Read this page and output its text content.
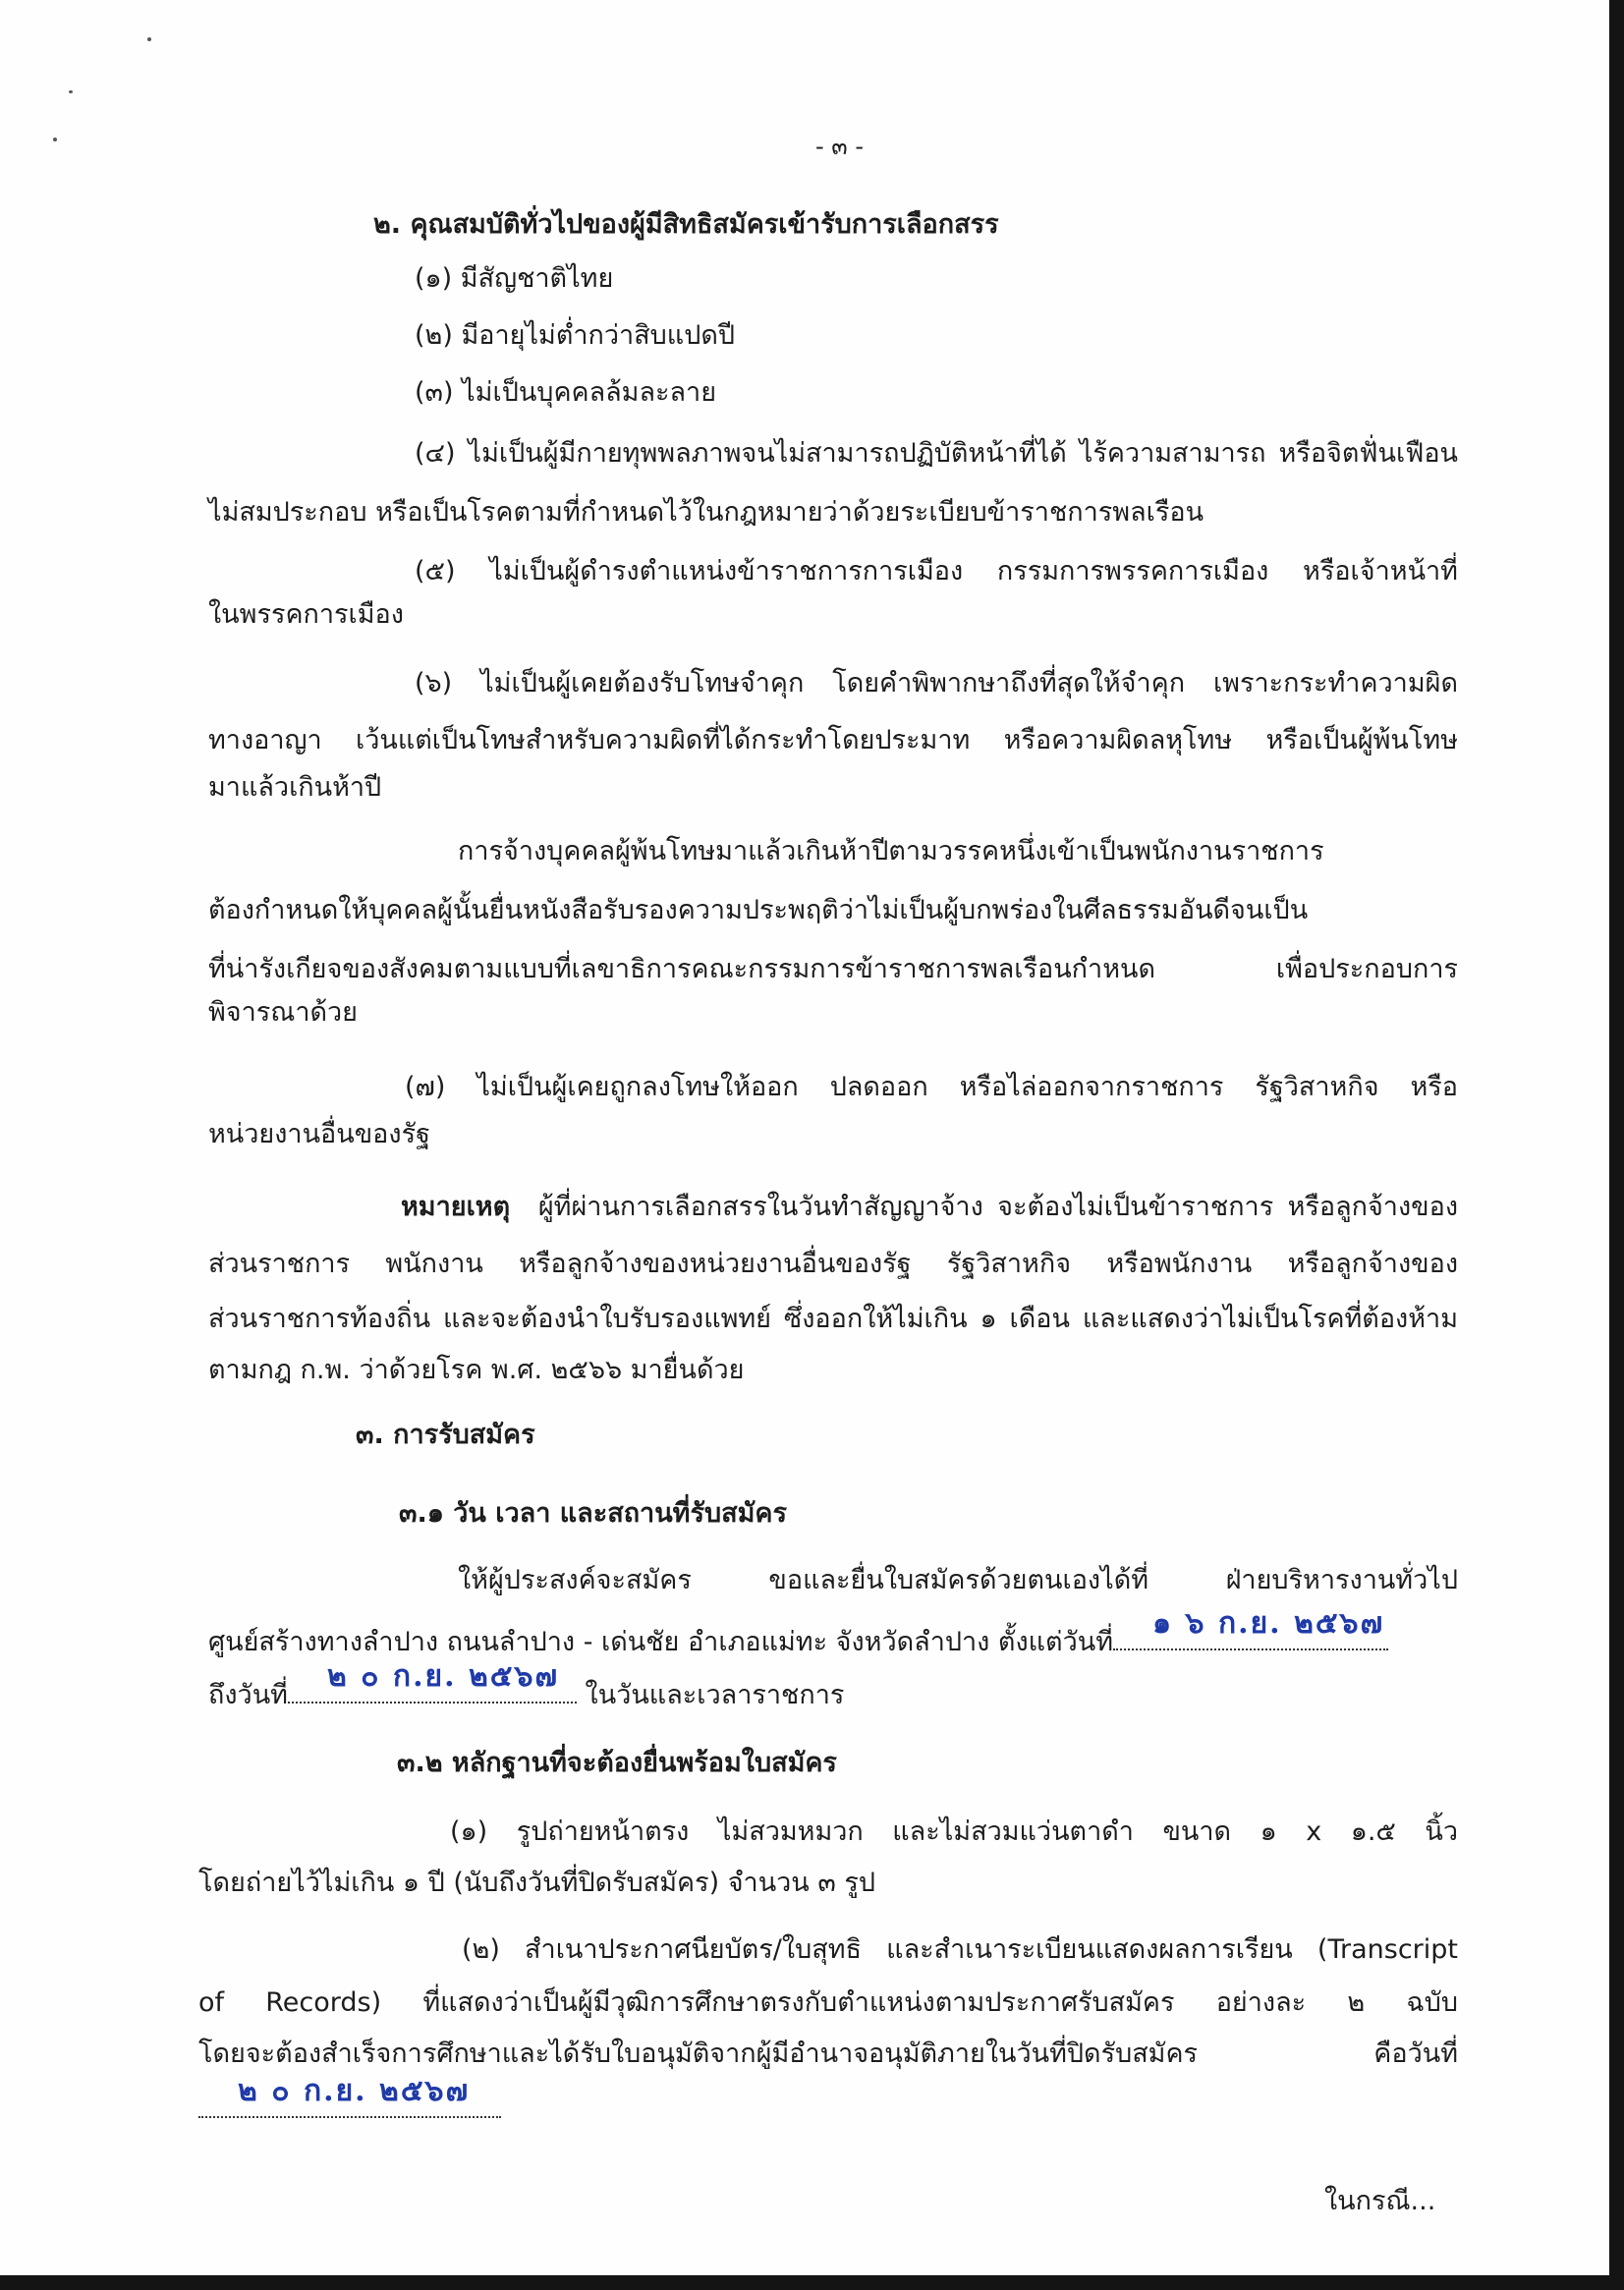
- ๓ -
๒. คุณสมบัติทั่วไปของผู้มีสิทธิสมัครเข้ารับการเลือกสรร
(๑) มีสัญชาติไทย
(๒) มีอายุไม่ต่ำกว่าสิบแปดปี
(๓) ไม่เป็นบุคคลล้มละลาย
(๔) ไม่เป็นผู้มีกายทุพพลภาพจนไม่สามารถปฏิบัติหน้าที่ได้ ไร้ความสามารถ หรือจิตฟั่นเฟือน
ไม่สมประกอบ หรือเป็นโรคตามที่กำหนดไว้ในกฎหมายว่าด้วยระเบียบข้าราชการพลเรือน
(๕) ไม่เป็นผู้ดำรงตำแหน่งข้าราชการการเมือง กรรมการพรรคการเมือง หรือเจ้าหน้าที่
ในพรรคการเมือง
(๖) ไม่เป็นผู้เคยต้องรับโทษจำคุก โดยคำพิพากษาถึงที่สุดให้จำคุก เพราะกระทำความผิด
ทางอาญา เว้นแต่เป็นโทษสำหรับความผิดที่ได้กระทำโดยประมาท หรือความผิดลหุโทษ หรือเป็นผู้พ้นโทษ
มาแล้วเกินห้าปี
การจ้างบุคคลผู้พ้นโทษมาแล้วเกินห้าปีตามวรรคหนึ่งเข้าเป็นพนักงานราชการ
ต้องกำหนดให้บุคคลผู้นั้นยื่นหนังสือรับรองความประพฤติว่าไม่เป็นผู้บกพร่องในศีลธรรมอันดีจนเป็น
ที่น่ารังเกียจของสังคมตามแบบที่เลขาธิการคณะกรรมการข้าราชการพลเรือนกำหนด เพื่อประกอบการ
พิจารณาด้วย
(๗) ไม่เป็นผู้เคยถูกลงโทษให้ออก ปลดออก หรือไล่ออกจากราชการ รัฐวิสาหกิจ หรือ
หน่วยงานอื่นของรัฐ
หมายเหตุ ผู้ที่ผ่านการเลือกสรรในวันทำสัญญาจ้าง จะต้องไม่เป็นข้าราชการ หรือลูกจ้างของ
ส่วนราชการ พนักงาน หรือลูกจ้างของหน่วยงานอื่นของรัฐ รัฐวิสาหกิจ หรือพนักงาน หรือลูกจ้างของ
ส่วนราชการท้องถิ่น และจะต้องนำใบรับรองแพทย์ ซึ่งออกให้ไม่เกิน ๑ เดือน และแสดงว่าไม่เป็นโรคที่ต้องห้าม
ตามกฎ ก.พ. ว่าด้วยโรค พ.ศ. ๒๕๖๖ มายื่นด้วย
๓. การรับสมัคร
๓.๑ วัน เวลา และสถานที่รับสมัคร
ให้ผู้ประสงค์จะสมัคร ขอและยื่นใบสมัครด้วยตนเองได้ที่ ฝ่ายบริหารงานทั่วไป
ศูนย์สร้างทางลำปาง ถนนลำปาง - เด่นชัย อำเภอแม่ทะ จังหวัดลำปาง ตั้งแต่วันที่
๑ ๖ ก.ย. ๒๕๖๗
ถึงวันที่
๒ ๐ ก.ย. ๒๕๖๗
ในวันและเวลาราชการ
๓.๒ หลักฐานที่จะต้องยื่นพร้อมใบสมัคร
(๑) รูปถ่ายหน้าตรง ไม่สวมหมวก และไม่สวมแว่นตาดำ ขนาด ๑ x ๑.๕ นิ้ว
โดยถ่ายไว้ไม่เกิน ๑ ปี (นับถึงวันที่ปิดรับสมัคร) จำนวน ๓ รูป
(๒) สำเนาประกาศนียบัตร/ใบสุทธิ และสำเนาระเบียนแสดงผลการเรียน (Transcript
of Records) ที่แสดงว่าเป็นผู้มีวุฒิการศึกษาตรงกับตำแหน่งตามประกาศรับสมัคร อย่างละ ๒ ฉบับ
โดยจะต้องสำเร็จการศึกษาและได้รับใบอนุมัติจากผู้มีอำนาจอนุมัติภายในวันที่ปิดรับสมัคร คือวันที่
๒ ๐ ก.ย. ๒๕๖๗
ในกรณี...
